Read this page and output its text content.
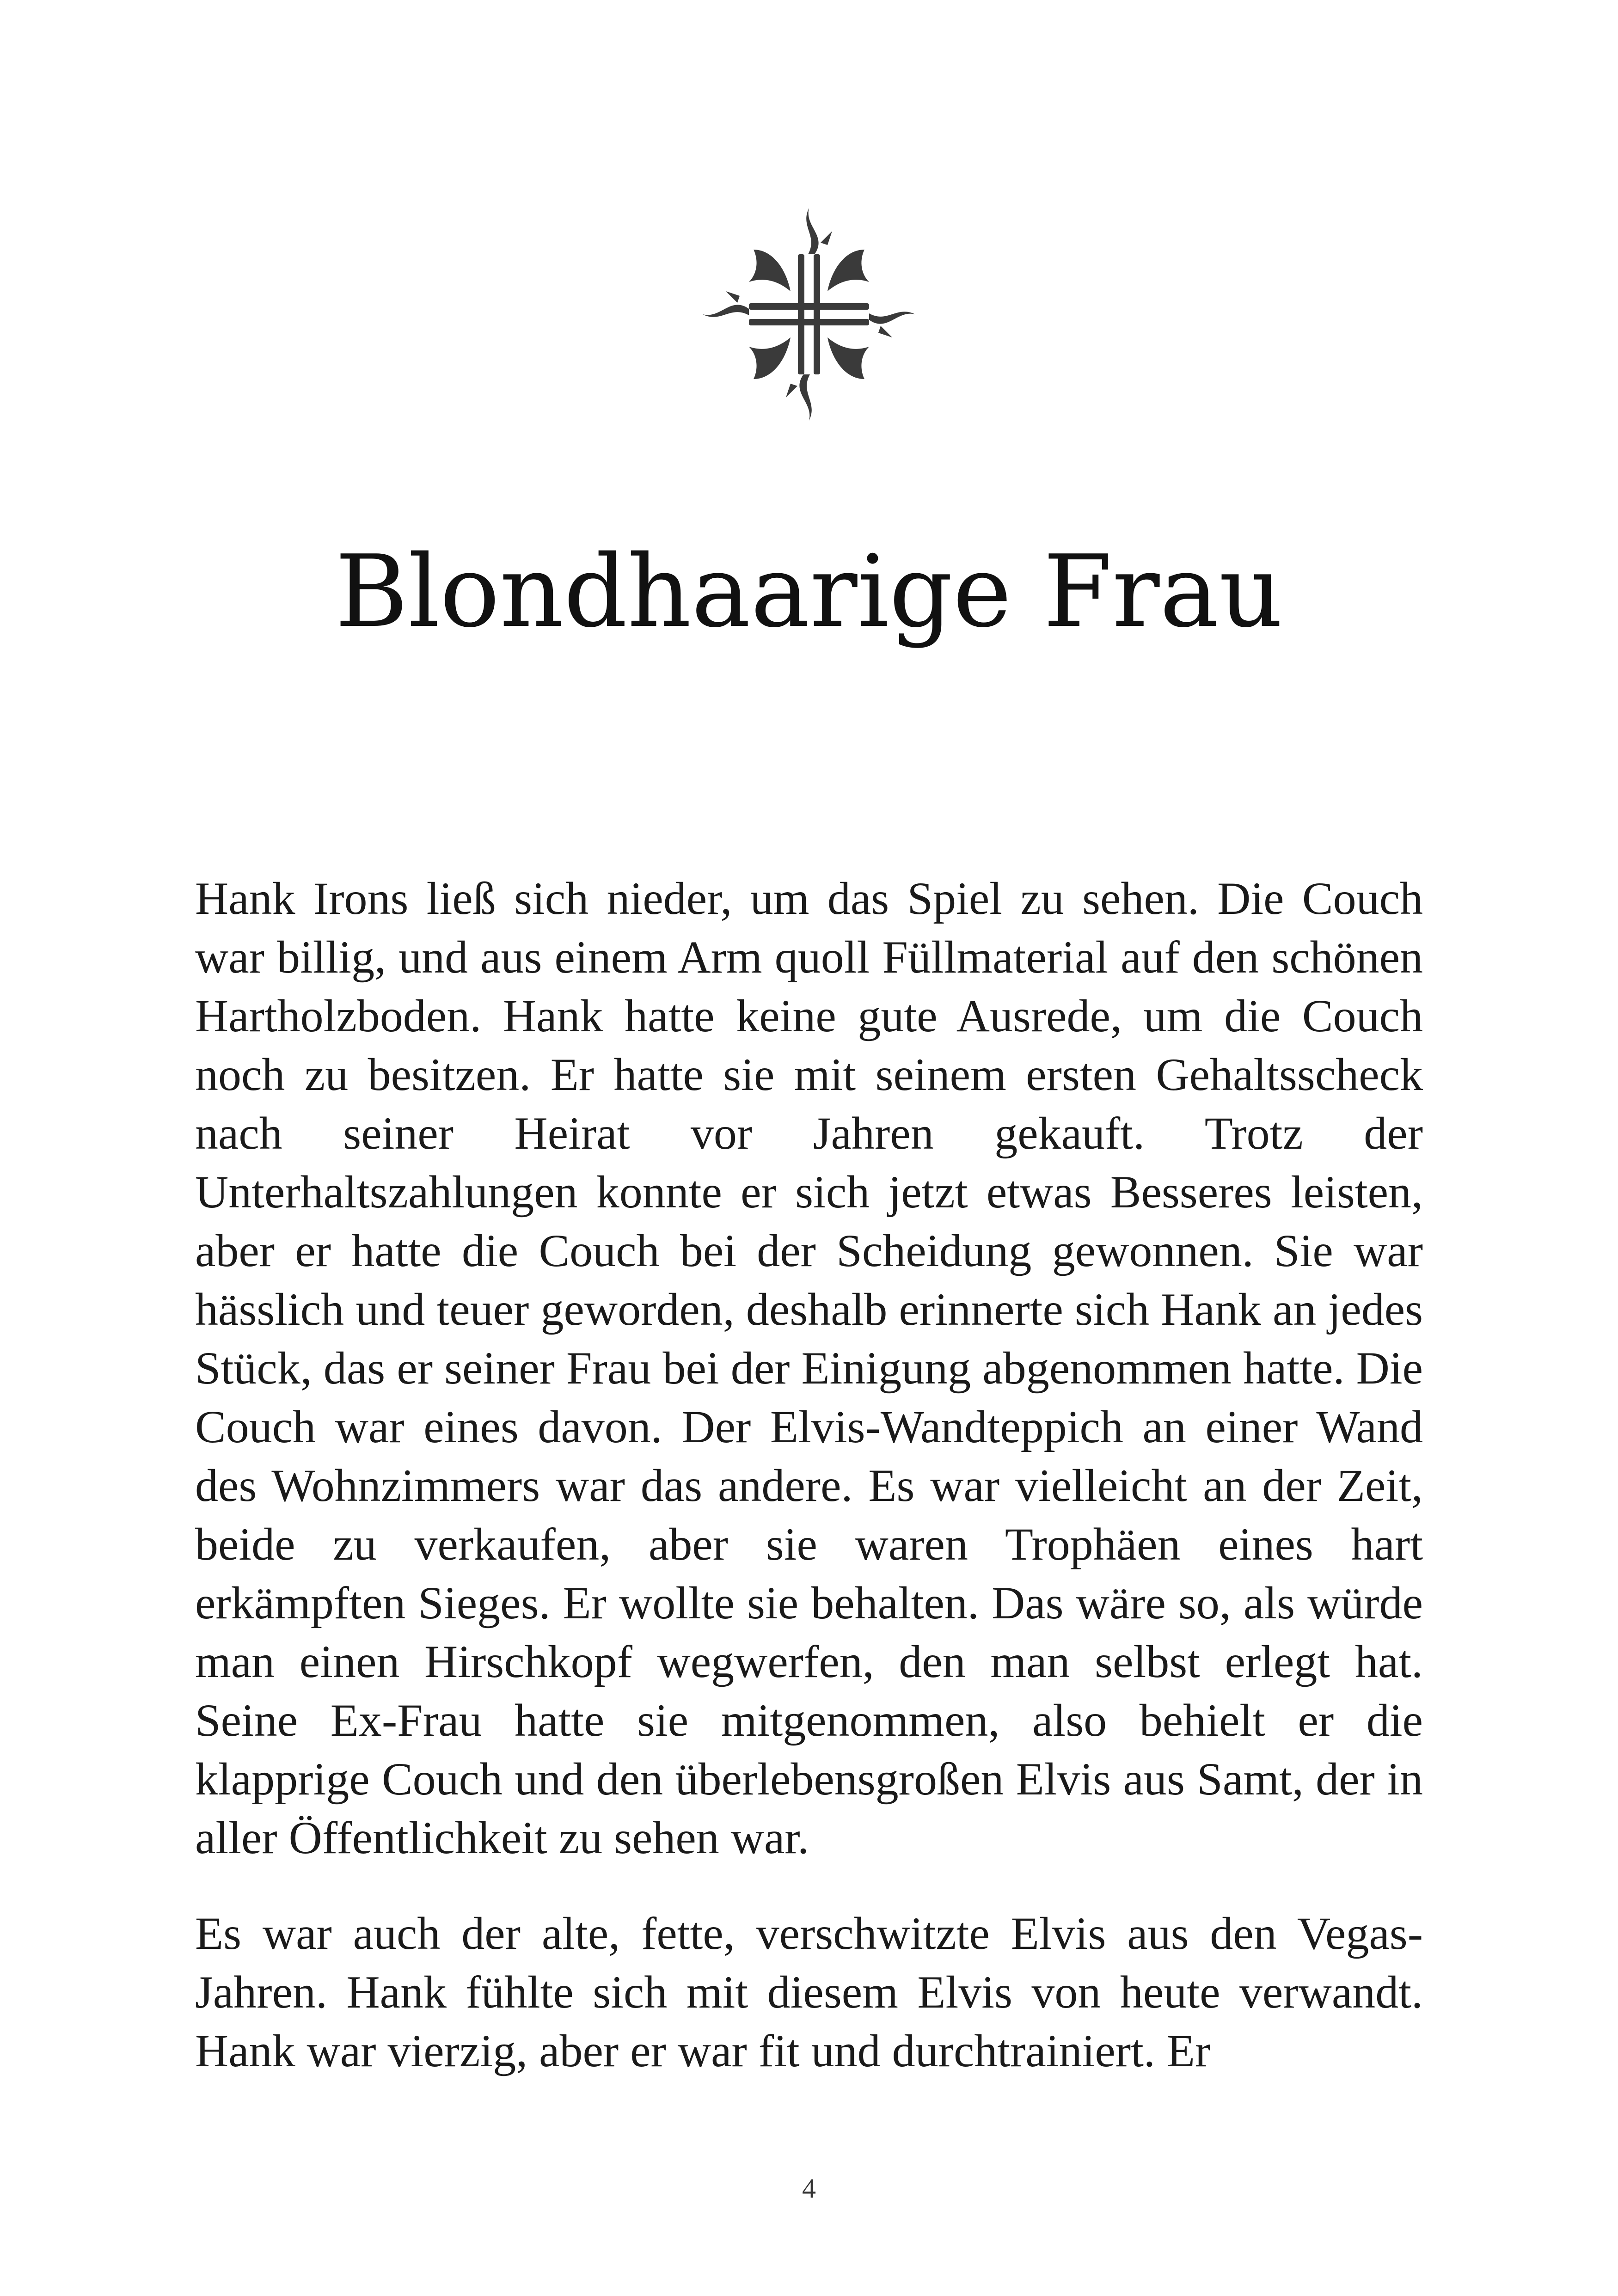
Blondhaarige Frau

Hank Irons ließ sich nieder, um das Spiel zu sehen. Die Couch war billig, und aus einem Arm quoll Füllmaterial auf den schönen Hartholzboden. Hank hatte keine gute Ausrede, um die Couch noch zu besitzen. Er hatte sie mit seinem ersten Gehaltsscheck nach seiner Heirat vor Jahren gekauft. Trotz der Unterhaltszahlungen konnte er sich jetzt etwas Besseres leisten, aber er hatte die Couch bei der Scheidung gewonnen. Sie war hässlich und teuer geworden, deshalb erinnerte sich Hank an jedes Stück, das er seiner Frau bei der Einigung abgenommen hatte. Die Couch war eines davon. Der Elvis-Wandteppich an einer Wand des Wohnzimmers war das andere. Es war vielleicht an der Zeit, beide zu verkaufen, aber sie waren Trophäen eines hart erkämpften Sieges. Er wollte sie behalten. Das wäre so, als würde man einen Hirschkopf wegwerfen, den man selbst erlegt hat. Seine Ex-Frau hatte sie mitgenommen, also behielt er die klapprige Couch und den überlebensgroßen Elvis aus Samt, der in aller Öffentlichkeit zu sehen war.

Es war auch der alte, fette, verschwitzte Elvis aus den Vegas-Jahren. Hank fühlte sich mit diesem Elvis von heute verwandt. Hank war vierzig, aber er war fit und durchtrainiert. Er

4
